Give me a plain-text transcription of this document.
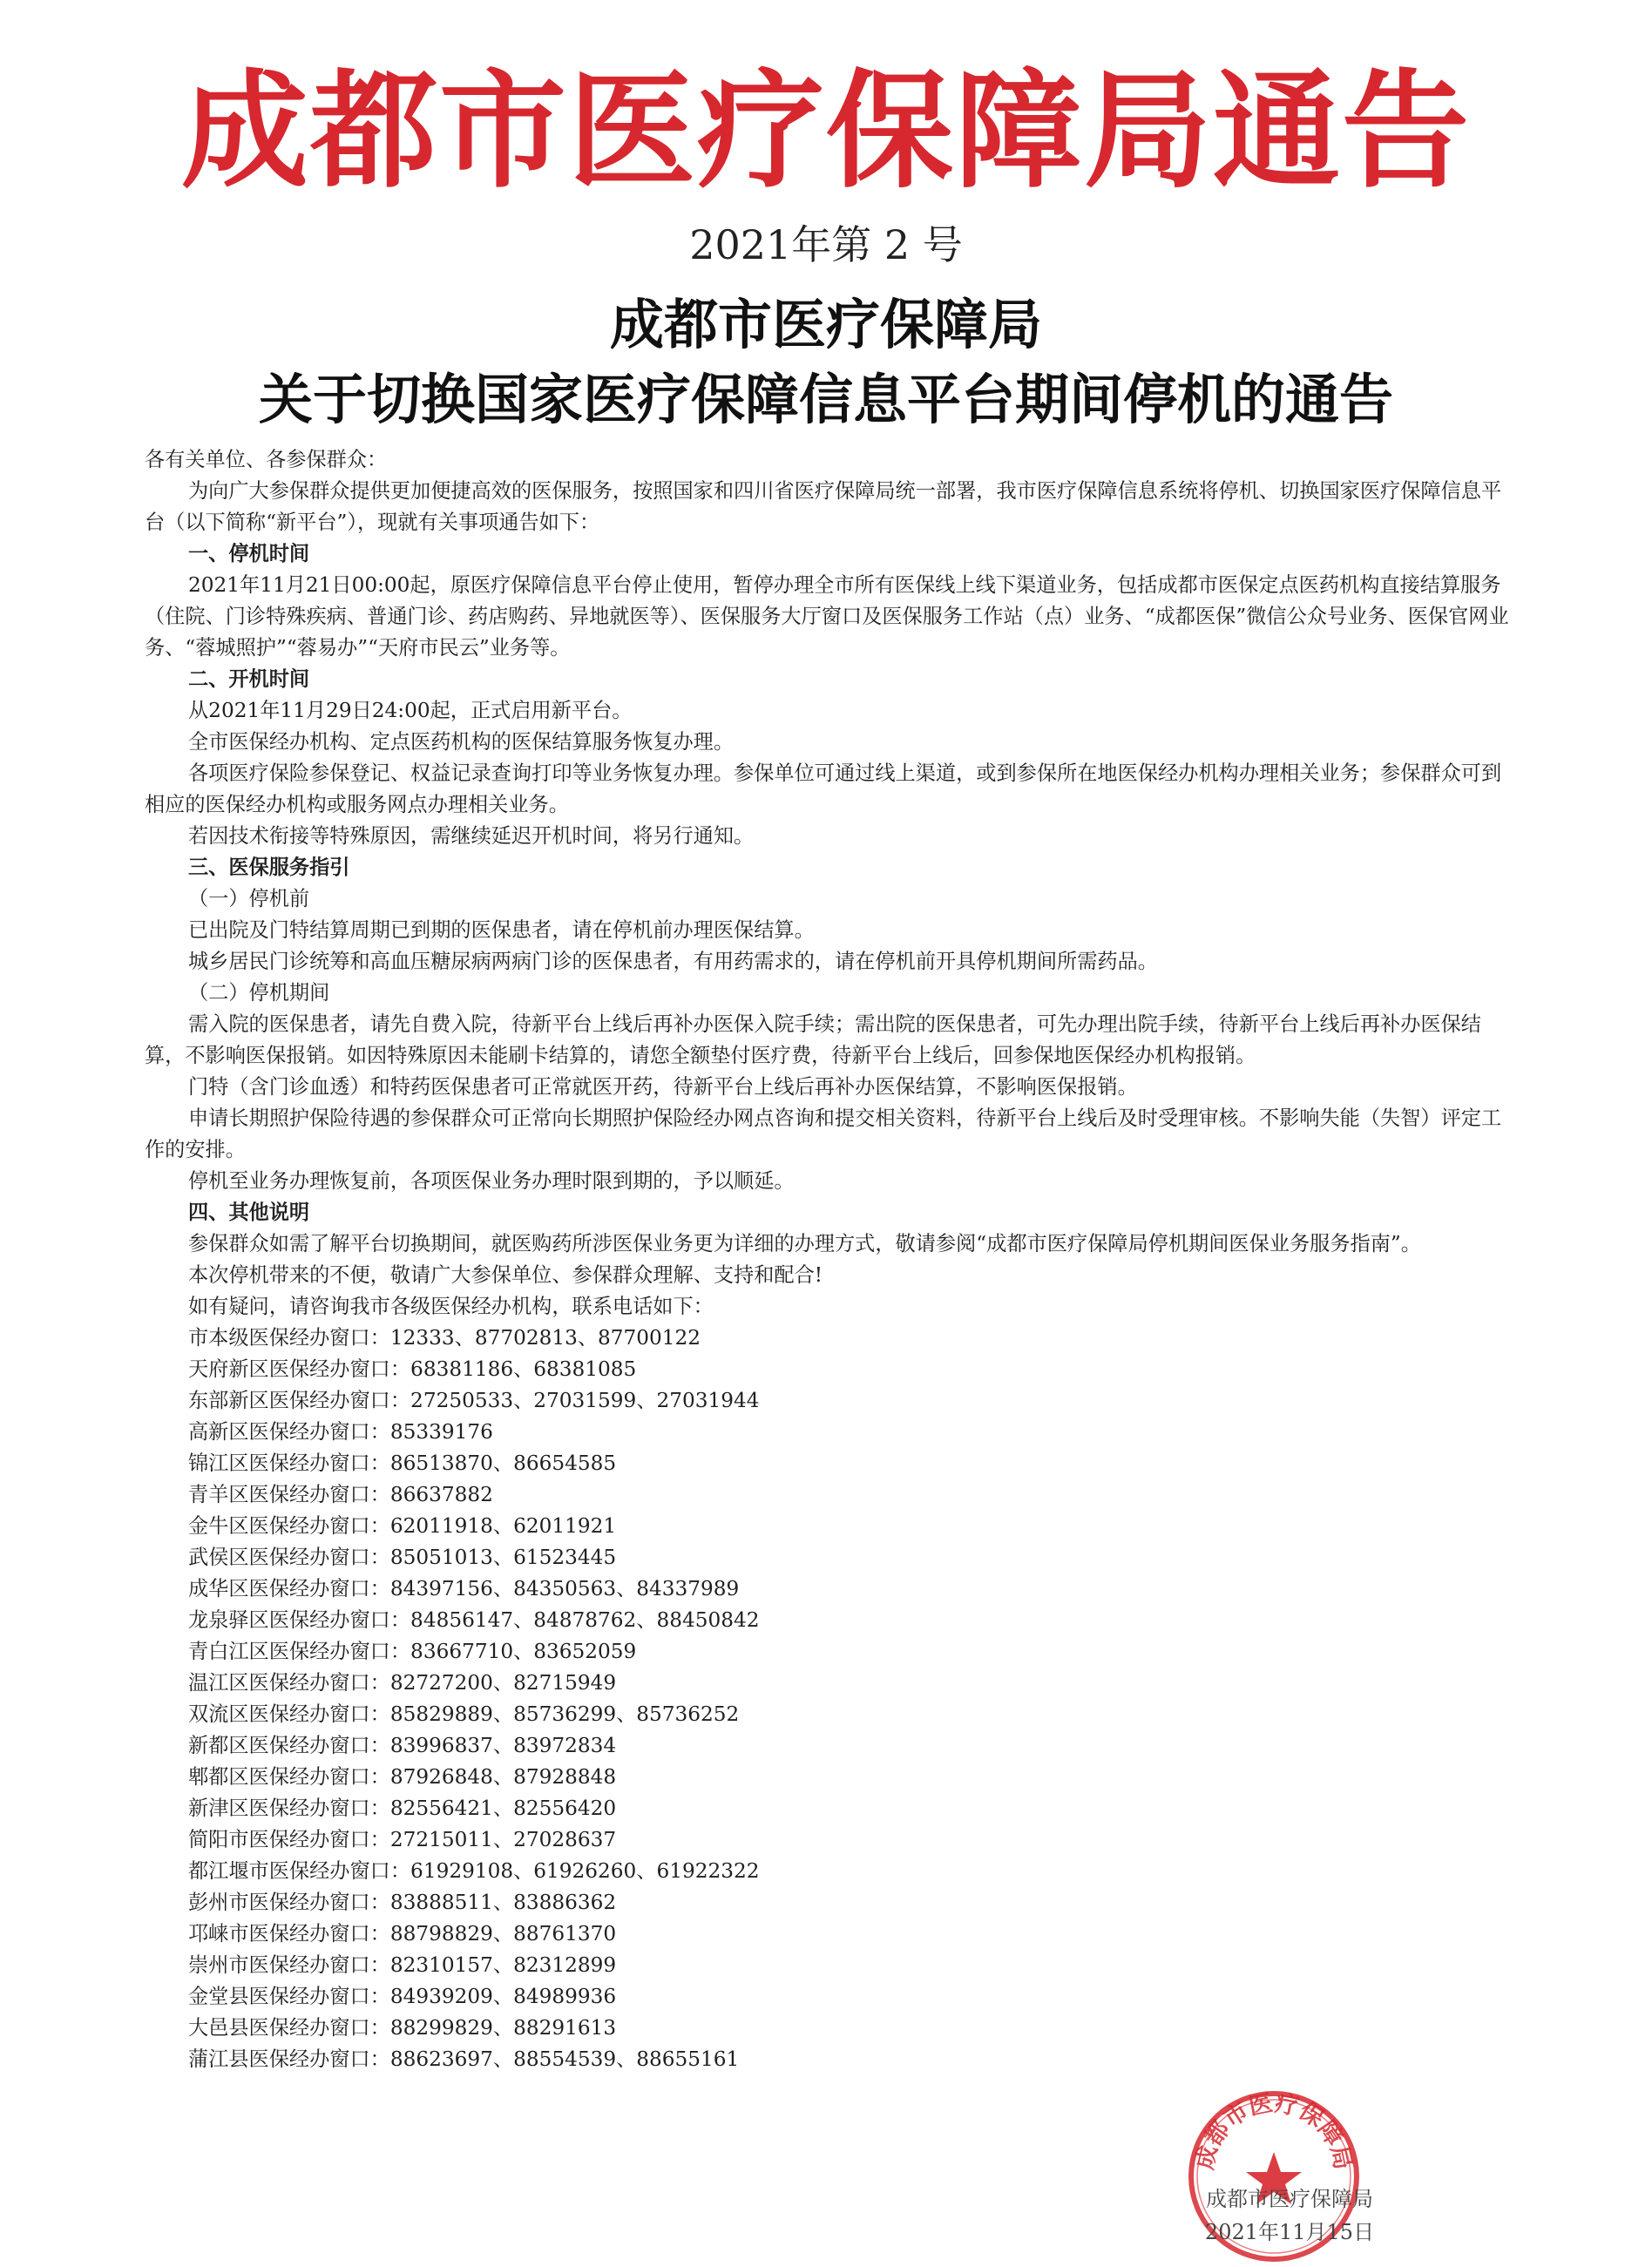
成都市医疗保障局通告
2021年第 2 号
成都市医疗保障局
关于切换国家医疗保障信息平台期间停机的通告

各有关单位、各参保群众：

为向广大参保群众提供更加便捷高效的医保服务，按照国家和四川省医疗保障局统一部署，我市医疗保障信息系统将停机、切换国家医疗保障信息平台（以下简称“新平台”），现就有关事项通告如下：

一、停机时间

2021年11月21日00:00起，原医疗保障信息平台停止使用，暂停办理全市所有医保线上线下渠道业务，包括成都市医保定点医药机构直接结算服务（住院、门诊特殊疾病、普通门诊、药店购药、异地就医等）、医保服务大厅窗口及医保服务工作站（点）业务、“成都医保”微信公众号业务、医保官网业务、“蓉城照护”“蓉易办”“天府市民云”业务等。

二、开机时间

从2021年11月29日24:00起，正式启用新平台。

全市医保经办机构、定点医药机构的医保结算服务恢复办理。

各项医疗保险参保登记、权益记录查询打印等业务恢复办理。参保单位可通过线上渠道，或到参保所在地医保经办机构办理相关业务；参保群众可到相应的医保经办机构或服务网点办理相关业务。

若因技术衔接等特殊原因，需继续延迟开机时间，将另行通知。

三、医保服务指引

（一）停机前

已出院及门特结算周期已到期的医保患者，请在停机前办理医保结算。

城乡居民门诊统筹和高血压糖尿病两病门诊的医保患者，有用药需求的，请在停机前开具停机期间所需药品。

（二）停机期间

需入院的医保患者，请先自费入院，待新平台上线后再补办医保入院手续；需出院的医保患者，可先办理出院手续，待新平台上线后再补办医保结算，不影响医保报销。如因特殊原因未能刷卡结算的，请您全额垫付医疗费，待新平台上线后，回参保地医保经办机构报销。

门特（含门诊血透）和特药医保患者可正常就医开药，待新平台上线后再补办医保结算，不影响医保报销。

申请长期照护保险待遇的参保群众可正常向长期照护保险经办网点咨询和提交相关资料，待新平台上线后及时受理审核。不影响失能（失智）评定工作的安排。

停机至业务办理恢复前，各项医保业务办理时限到期的，予以顺延。

四、其他说明

参保群众如需了解平台切换期间，就医购药所涉医保业务更为详细的办理方式，敬请参阅“成都市医疗保障局停机期间医保业务服务指南”。

本次停机带来的不便，敬请广大参保单位、参保群众理解、支持和配合!

如有疑问，请咨询我市各级医保经办机构，联系电话如下：

市本级医保经办窗口：12333、87702813、87700122

天府新区医保经办窗口：68381186、68381085

东部新区医保经办窗口：27250533、27031599、27031944

高新区医保经办窗口：85339176

锦江区医保经办窗口：86513870、86654585

青羊区医保经办窗口：86637882

金牛区医保经办窗口：62011918、62011921

武侯区医保经办窗口：85051013、61523445

成华区医保经办窗口：84397156、84350563、84337989

龙泉驿区医保经办窗口：84856147、84878762、88450842

青白江区医保经办窗口：83667710、83652059

温江区医保经办窗口：82727200、82715949

双流区医保经办窗口：85829889、85736299、85736252

新都区医保经办窗口：83996837、83972834

郫都区医保经办窗口：87926848、87928848

新津区医保经办窗口：82556421、82556420

简阳市医保经办窗口：27215011、27028637

都江堰市医保经办窗口：61929108、61926260、61922322

彭州市医保经办窗口：83888511、83886362

邛崃市医保经办窗口：88798829、88761370

崇州市医保经办窗口：82310157、82312899

金堂县医保经办窗口：84939209、84989936

大邑县医保经办窗口：88299829、88291613

蒲江县医保经办窗口：88623697、88554539、88655161

成都市医疗保障局
成都市医疗保障局
2021年11月15日
